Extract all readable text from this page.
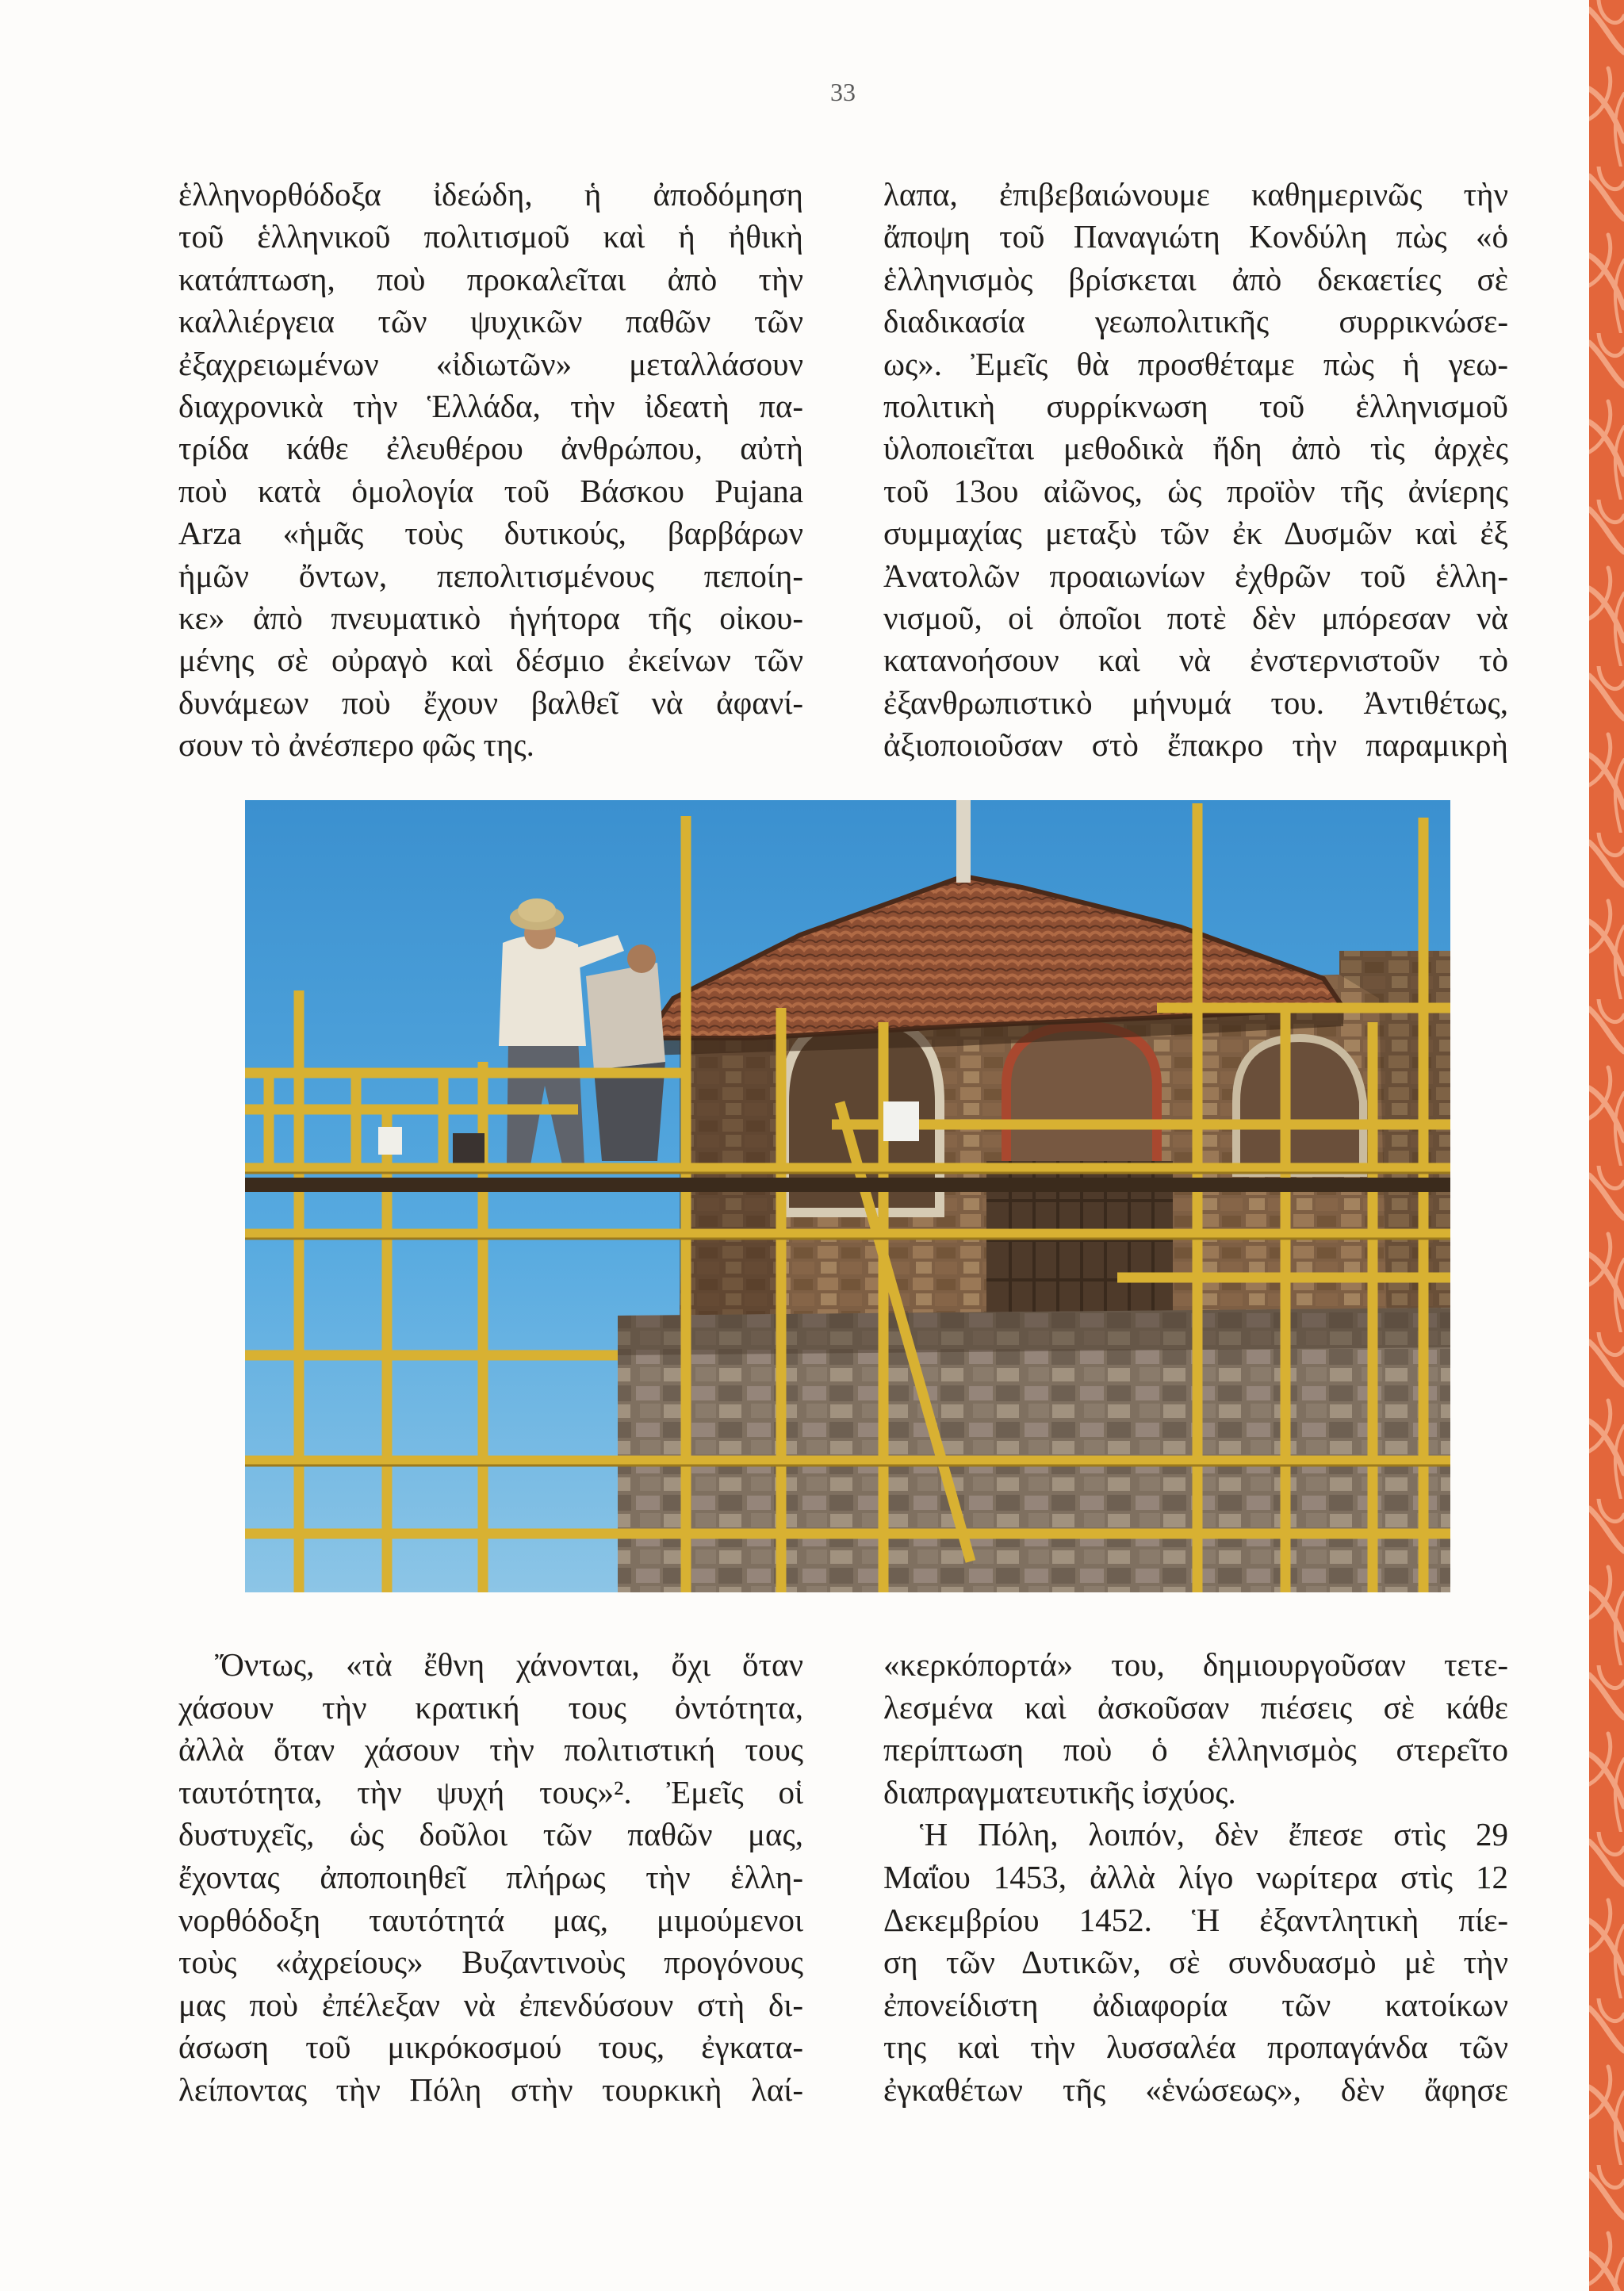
33
ἑλληνορθόδοξα ἰδεώδη, ἡ ἀποδόμηση
τοῦ ἑλληνικοῦ πολιτισμοῦ καὶ ἡ ἠθικὴ
κατάπτωση, ποὺ προκαλεῖται ἀπὸ τὴν
καλλιέργεια τῶν ψυχικῶν παθῶν τῶν
ἐξαχρειωμένων «ἰδιωτῶν» μεταλλάσουν
διαχρονικὰ τὴν Ἑλλάδα, τὴν ἰδεατὴ πα-
τρίδα κάθε ἐλευθέρου ἀνθρώπου, αὐτὴ
ποὺ κατὰ ὁμολογία τοῦ Βάσκου Pujana
Arza «ἡμᾶς τοὺς δυτικούς, βαρβάρων
ἡμῶν ὄντων, πεπολιτισμένους πεποίη-
κε» ἀπὸ πνευματικὸ ἡγήτορα τῆς οἰκου-
μένης σὲ οὐραγὸ καὶ δέσμιο ἐκείνων τῶν
δυνάμεων ποὺ ἔχουν βαλθεῖ νὰ ἀφανί-
σουν τὸ ἀνέσπερο φῶς της.
λαπα, ἐπιβεβαιώνουμε καθημερινῶς τὴν
ἄποψη τοῦ Παναγιώτη Κονδύλη πὼς «ὁ
ἑλληνισμὸς βρίσκεται ἀπὸ δεκαετίες σὲ
διαδικασία γεωπολιτικῆς συρρικνώσε-
ως». Ἐμεῖς θὰ προσθέταμε πὼς ἡ γεω-
πολιτικὴ συρρίκνωση τοῦ ἑλληνισμοῦ
ὑλοποιεῖται μεθοδικὰ ἤδη ἀπὸ τὶς ἀρχὲς
τοῦ 13ου αἰῶνος, ὡς προϊὸν τῆς ἀνίερης
συμμαχίας μεταξὺ τῶν ἐκ Δυσμῶν καὶ ἐξ
Ἀνατολῶν προαιωνίων ἐχθρῶν τοῦ ἑλλη-
νισμοῦ, οἱ ὁποῖοι ποτὲ δὲν μπόρεσαν νὰ
κατανοήσουν καὶ νὰ ἐνστερνιστοῦν τὸ
ἐξανθρωπιστικὸ μήνυμά του. Ἀντιθέτως,
ἀξιοποιοῦσαν στὸ ἔπακρο τὴν παραμικρὴ
Ὄντως, «τὰ ἔθνη χάνονται, ὄχι ὅταν
χάσουν τὴν κρατική τους ὀντότητα,
ἀλλὰ ὅταν χάσουν τὴν πολιτιστική τους
ταυτότητα, τὴν ψυχή τους»². Ἐμεῖς οἱ
δυστυχεῖς, ὡς δοῦλοι τῶν παθῶν μας,
ἔχοντας ἀποποιηθεῖ πλήρως τὴν ἑλλη-
νορθόδοξη ταυτότητά μας, μιμούμενοι
τοὺς «ἀχρείους» Βυζαντινοὺς προγόνους
μας ποὺ ἐπέλεξαν νὰ ἐπενδύσουν στὴ δι-
άσωση τοῦ μικρόκοσμού τους, ἐγκατα-
λείποντας τὴν Πόλη στὴν τουρκικὴ λαί-
«κερκόπορτά» του, δημιουργοῦσαν τετε-
λεσμένα καὶ ἀσκοῦσαν πιέσεις σὲ κάθε
περίπτωση ποὺ ὁ ἑλληνισμὸς στερεῖτο
διαπραγματευτικῆς ἰσχύος.
Ἡ Πόλη, λοιπόν, δὲν ἔπεσε στὶς 29
Μαΐου 1453, ἀλλὰ λίγο νωρίτερα στὶς 12
Δεκεμβρίου 1452. Ἡ ἐξαντλητικὴ πίε-
ση τῶν Δυτικῶν, σὲ συνδυασμὸ μὲ τὴν
ἐπονείδιστη ἀδιαφορία τῶν κατοίκων
της καὶ τὴν λυσσαλέα προπαγάνδα τῶν
ἐγκαθέτων τῆς «ἑνώσεως», δὲν ἄφησε
